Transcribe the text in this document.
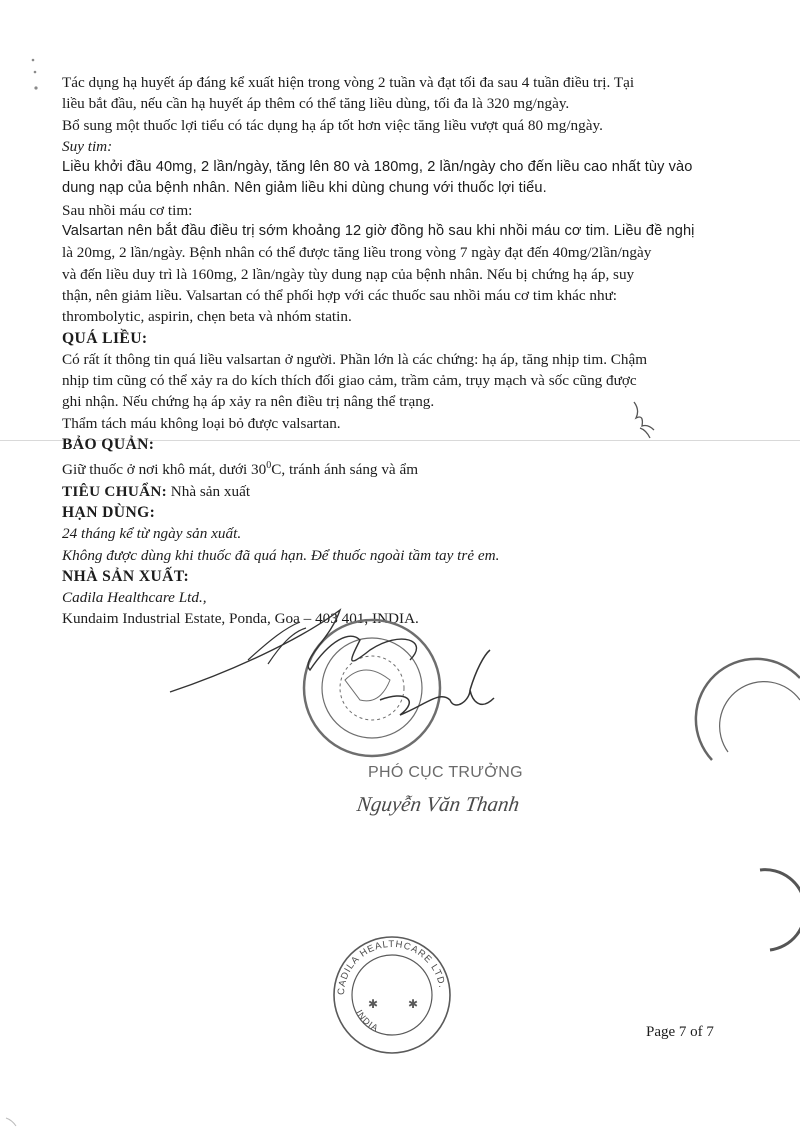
Tác dụng hạ huyết áp đáng kể xuất hiện trong vòng 2 tuần và đạt tối đa sau 4 tuần điều trị. Tại

liều bắt đầu, nếu cần hạ huyết áp thêm có thể tăng liều dùng, tối đa là 320 mg/ngày.

Bổ sung một thuốc lợi tiểu có tác dụng hạ áp tốt hơn việc tăng liều vượt quá 80 mg/ngày.

Suy tim:

Liều khởi đầu 40mg, 2 lần/ngày, tăng lên 80 và 180mg, 2 lần/ngày cho đến liều cao nhất tùy vào

dung nạp của bệnh nhân. Nên giảm liều khi dùng chung với thuốc lợi tiểu.

Sau nhồi máu cơ tim:

Valsartan nên bắt đầu điều trị sớm khoảng 12 giờ đồng hồ sau khi nhồi máu cơ tim. Liều đề nghị

là 20mg, 2 lần/ngày. Bệnh nhân có thể được tăng liều trong vòng 7 ngày đạt đến 40mg/2lần/ngày

và đến liều duy trì là 160mg, 2 lần/ngày tùy dung nạp của bệnh nhân. Nếu bị chứng hạ áp, suy

thận, nên giảm liều. Valsartan có thể phối hợp với các thuốc sau nhồi máu cơ tim khác như:

thrombolytic, aspirin, chẹn beta và nhóm statin.

QUÁ LIỀU:

Có rất ít thông tin quá liều valsartan ở người. Phần lớn là các chứng: hạ áp, tăng nhịp tim. Chậm

nhịp tim cũng có thể xảy ra do kích thích đối giao cảm, trầm cảm, trụy mạch và sốc cũng được

ghi nhận. Nếu chứng hạ áp xảy ra nên điều trị nâng thể trạng.

Thẩm tách máu không loại bỏ được valsartan.

BẢO QUẢN:

Giữ thuốc ở nơi khô mát, dưới $30^0C$, tránh ánh sáng và ẩm

TIÊU CHUẨN: Nhà sản xuất

HẠN DÙNG:

24 tháng kể từ ngày sản xuất.

Không được dùng khi thuốc đã quá hạn. Để thuốc ngoài tầm tay trẻ em.

NHÀ SẢN XUẤT:

Cadila Healthcare Ltd.,

Kundaim Industrial Estate, Ponda, Goa – 403 401, INDIA.

CADILA HEALTHCARE LTD.
INDIA
✱ ✱
PHÓ CỤC TRƯỞNG
Nguyễn Văn Thanh
Page 7 of 7
